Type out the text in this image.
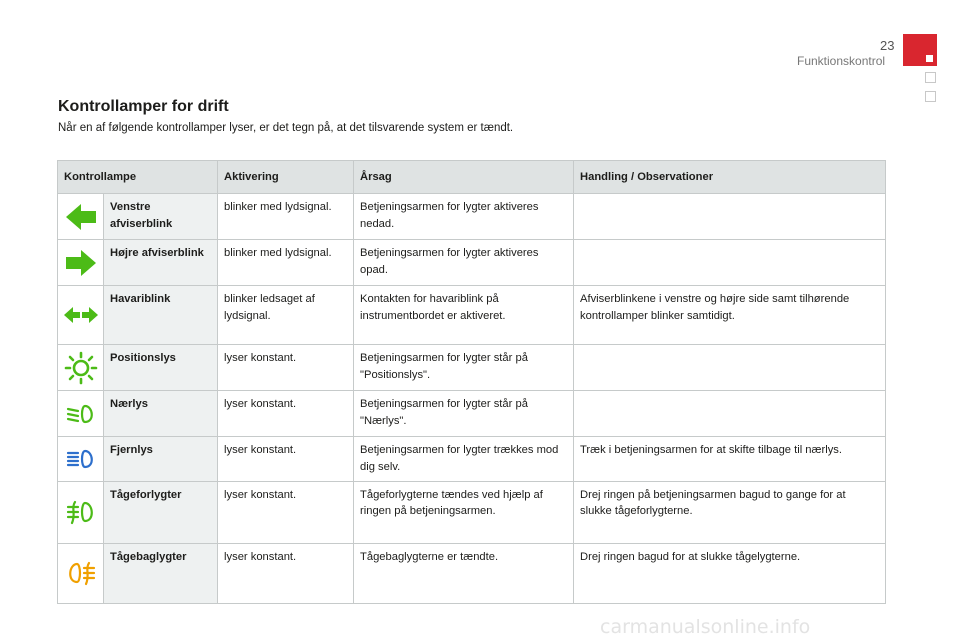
23
Funktionskontrol
Kontrollamper for drift

Når en af følgende kontrollamper lyser, er det tegn på, at det tilsvarende system er tændt.

Kontrollampe		Aktivering	Årsag	Handling / Observationer
	Venstre afviserblink	blinker med lydsignal.	Betjeningsarmen for lygter aktiveres nedad.	
	Højre afviserblink	blinker med lydsignal.	Betjeningsarmen for lygter aktiveres opad.	
	Havariblink	blinker ledsaget af lydsignal.	Kontakten for havariblink på instrumentbordet er aktiveret.	Afviserblinkene i venstre og højre side samt tilhørende kontrollamper blinker samtidigt.
	Positionslys	lyser konstant.	Betjeningsarmen for lygter står på "Positionslys".	
	Nærlys	lyser konstant.	Betjeningsarmen for lygter står på "Nærlys".	
	Fjernlys	lyser konstant.	Betjeningsarmen for lygter trækkes mod dig selv.	Træk i betjeningsarmen for at skifte tilbage til nærlys.
	Tågeforlygter	lyser konstant.	Tågeforlygterne tændes ved hjælp af ringen på betjeningsarmen.	Drej ringen på betjeningsarmen bagud to gange for at slukke tågeforlygterne.
	Tågebaglygter	lyser konstant.	Tågebaglygterne er tændte.	Drej ringen bagud for at slukke tågelygterne.
carmanualsonline.info
